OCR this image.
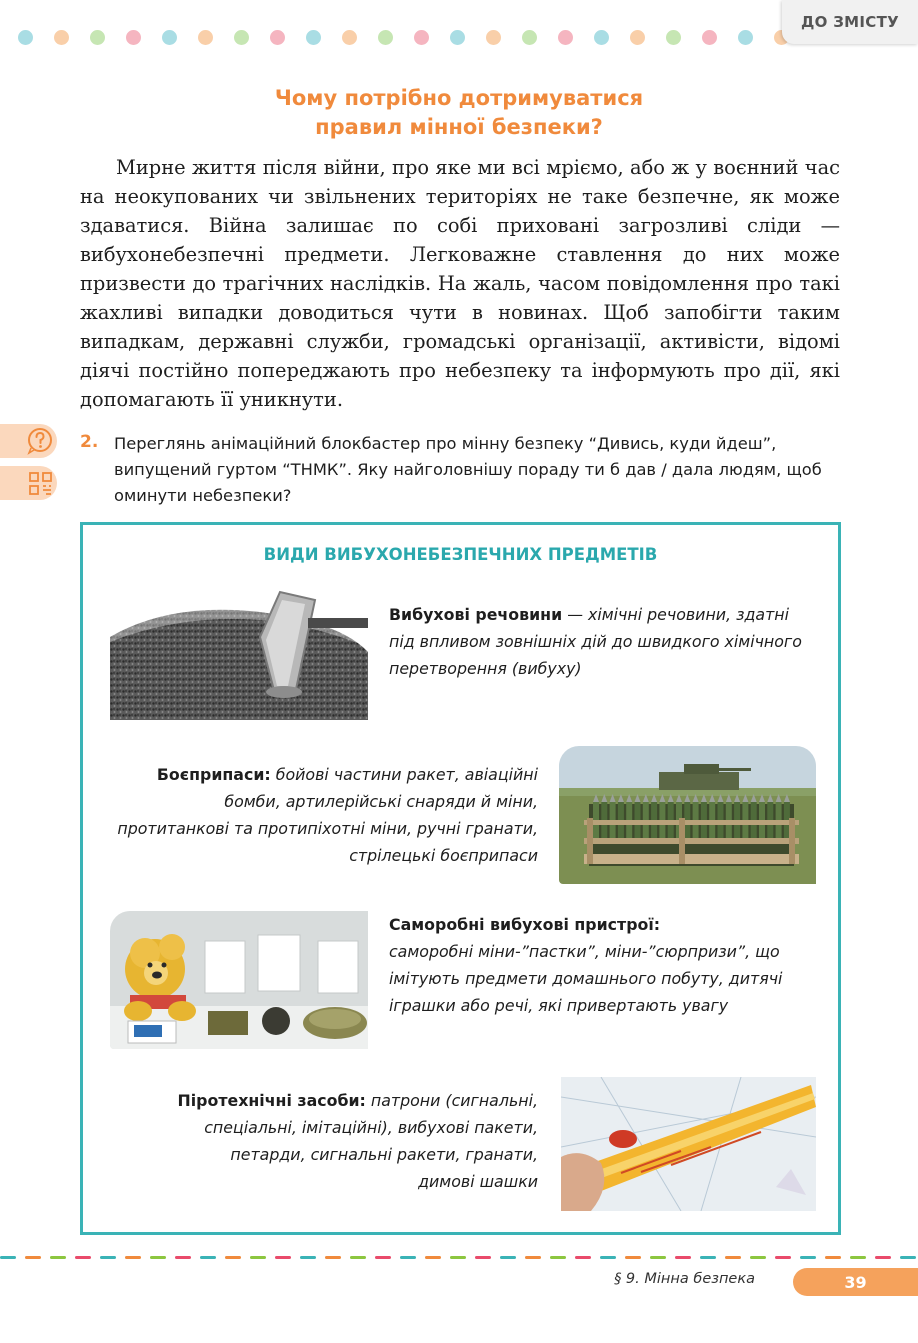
ДО ЗМІСТУ
Чому потрібно дотримуватися
правил мінної безпеки?
Мирне життя після війни, про яке ми всі мріємо, або ж у воєнний час на неокупованих чи звільнених територіях не таке безпечне, як може здаватися. Війна залишає по собі приховані загрозливі сліди — вибухонебезпечні предмети. Легковажне ставлення до них може призвести до трагічних наслідків. На жаль, часом повідомлення про такі жахливі випадки доводиться чути в новинах. Щоб запобігти таким випадкам, державні служби, громадські організації, активісти, відомі діячі постійно попереджають про небезпеку та інформують про дії, які допомагають її уникнути.
2. Переглянь анімаційний блокбастер про мінну безпеку “Дивись, куди йдеш”, випущений гуртом “ТНМК”. Яку найголовнішу пораду ти б дав / дала людям, щоб оминути небезпеки?
ВИДИ ВИБУХОНЕБЕЗПЕЧНИХ ПРЕДМЕТІВ
Вибухові речовини — хімічні речовини, здатні під впливом зовнішніх дій до швидкого хімічного перетворення (вибуху)
Боєприпаси: бойові частини ракет, авіаційні бомби, артилерійські снаряди й міни, протитанкові та протипіхотні міни, ручні гранати, стрілецькі боєприпаси
Саморобні вибухові пристрої:
саморобні міни-”пастки”, міни-”сюрпризи”, що імітують предмети домашнього побуту, дитячі іграшки або речі, які привертають увагу
Піротехнічні засоби: патрони (сигнальні, спеціальні, імітаційні), вибухові пакети, петарди, сигнальні ракети, гранати, димові шашки
§ 9. Мінна безпека	39
